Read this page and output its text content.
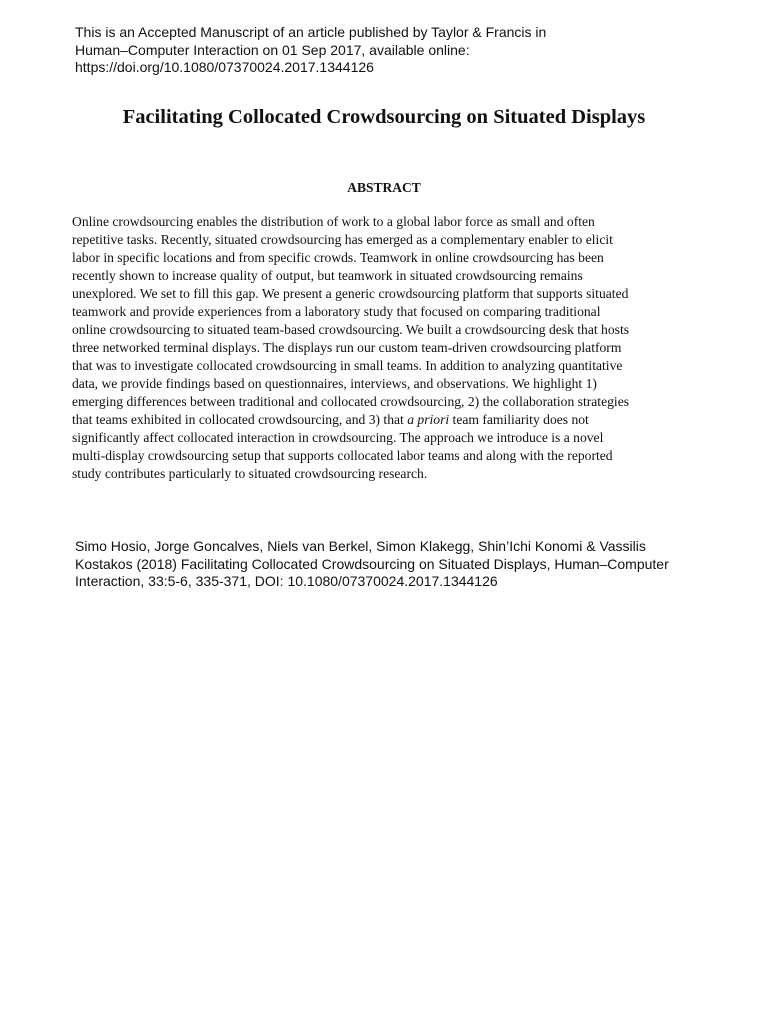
This is an Accepted Manuscript of an article published by Taylor & Francis in
Human–Computer Interaction on 01 Sep 2017, available online:
https://doi.org/10.1080/07370024.2017.1344126
Facilitating Collocated Crowdsourcing on Situated Displays
ABSTRACT
Online crowdsourcing enables the distribution of work to a global labor force as small and often
repetitive tasks. Recently, situated crowdsourcing has emerged as a complementary enabler to elicit
labor in specific locations and from specific crowds. Teamwork in online crowdsourcing has been
recently shown to increase quality of output, but teamwork in situated crowdsourcing remains
unexplored. We set to fill this gap. We present a generic crowdsourcing platform that supports situated
teamwork and provide experiences from a laboratory study that focused on comparing traditional
online crowdsourcing to situated team-based crowdsourcing. We built a crowdsourcing desk that hosts
three networked terminal displays. The displays run our custom team-driven crowdsourcing platform
that was to investigate collocated crowdsourcing in small teams. In addition to analyzing quantitative
data, we provide findings based on questionnaires, interviews, and observations. We highlight 1)
emerging differences between traditional and collocated crowdsourcing, 2) the collaboration strategies
that teams exhibited in collocated crowdsourcing, and 3) that a priori team familiarity does not
significantly affect collocated interaction in crowdsourcing. The approach we introduce is a novel
multi-display crowdsourcing setup that supports collocated labor teams and along with the reported
study contributes particularly to situated crowdsourcing research.
Simo Hosio, Jorge Goncalves, Niels van Berkel, Simon Klakegg, Shin’Ichi Konomi & Vassilis
Kostakos (2018) Facilitating Collocated Crowdsourcing on Situated Displays, Human–Computer
Interaction, 33:5-6, 335-371, DOI: 10.1080/07370024.2017.1344126
